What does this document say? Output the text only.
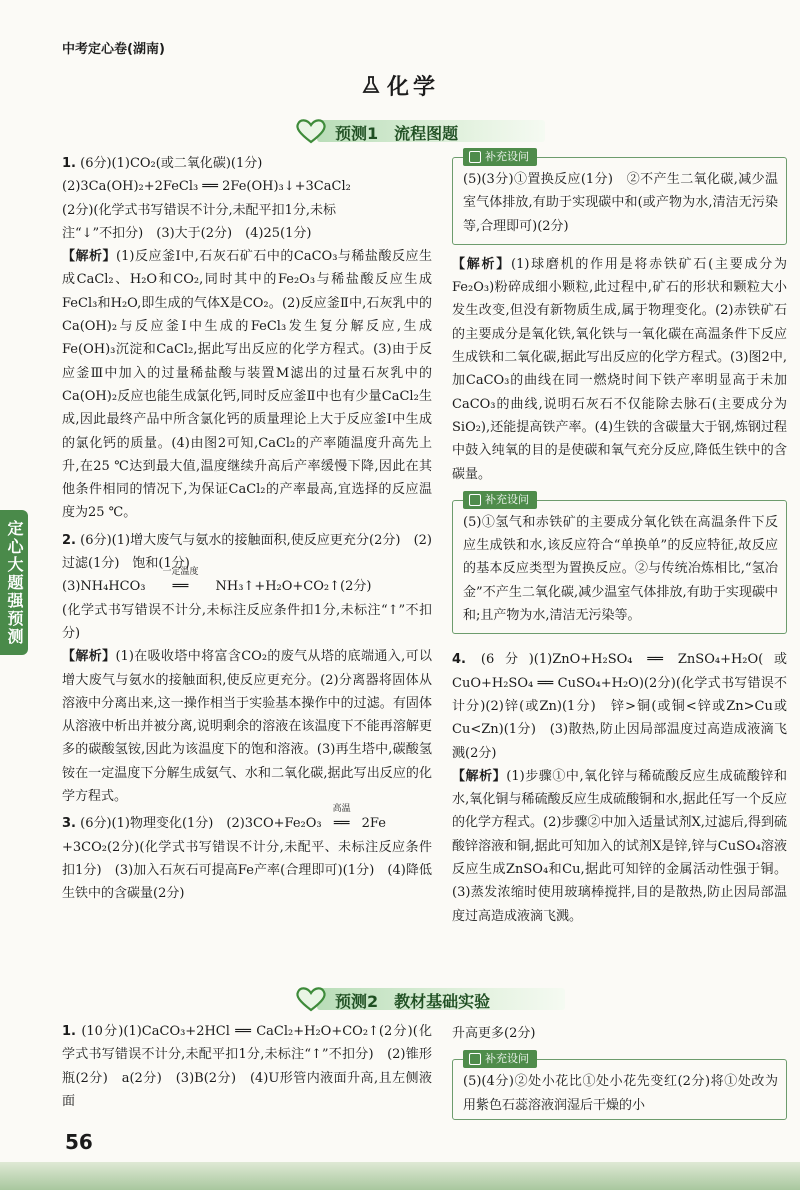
中考定心卷(湖南)
化学
预测1　流程图题
定心大题强预测

1. (6分)(1)CO₂(或二氧化碳)(1分)

(2)3Ca(OH)₂+2FeCl₃ ══ 2Fe(OH)₃↓+3CaCl₂

(2分)(化学式书写错误不计分,未配平扣1分,未标

注“↓”不扣分)　(3)大于(2分)　(4)25(1分)

【解析】(1)反应釜Ⅰ中,石灰石矿石中的CaCO₃与稀盐酸反应生成CaCl₂、H₂O和CO₂,同时其中的Fe₂O₃与稀盐酸反应生成FeCl₃和H₂O,即生成的气体X是CO₂。(2)反应釜Ⅱ中,石灰乳中的Ca(OH)₂与反应釜Ⅰ中生成的FeCl₃发生复分解反应,生成Fe(OH)₃沉淀和CaCl₂,据此写出反应的化学方程式。(3)由于反应釜Ⅲ中加入的过量稀盐酸与装置M滤出的过量石灰乳中的Ca(OH)₂反应也能生成氯化钙,同时反应釜Ⅱ中也有少量CaCl₂生成,因此最终产品中所含氯化钙的质量理论上大于反应釜Ⅰ中生成的氯化钙的质量。(4)由图2可知,CaCl₂的产率随温度升高先上升,在25 ℃达到最大值,温度继续升高后产率缓慢下降,因此在其他条件相同的情况下,为保证CaCl₂的产率最高,宜选择的反应温度为25 ℃。

2. (6分)(1)增大废气与氨水的接触面积,使反应更充分(2分)　(2)过滤(1分)　饱和(1分)

(3)NH₄HCO₃
一定温度
══ NH₃↑+H₂O+CO₂↑(2分)

(化学式书写错误不计分,未标注反应条件扣1分,未标注“↑”不扣分)

【解析】(1)在吸收塔中将富含CO₂的废气从塔的底端通入,可以增大废气与氨水的接触面积,使反应更充分。(2)分离器将固体从溶液中分离出来,这一操作相当于实验基本操作中的过滤。有固体从溶液中析出并被分离,说明剩余的溶液在该温度下不能再溶解更多的碳酸氢铵,因此为该温度下的饱和溶液。(3)再生塔中,碳酸氢铵在一定温度下分解生成氨气、水和二氧化碳,据此写出反应的化学方程式。

3. (6分)(1)物理变化(1分)　(2)3CO+Fe₂O₃
高温
══ 2Fe

+3CO₂(2分)(化学式书写错误不计分,未配平、未标注反应条件扣1分)　(3)加入石灰石可提高Fe产率(合理即可)(1分)　(4)降低生铁中的含碳量(2分)

补充设问

(5)(3分)①置换反应(1分)　②不产生二氧化碳,减少温室气体排放,有助于实现碳中和(或产物为水,清洁无污染等,合理即可)(2分)

【解析】(1)球磨机的作用是将赤铁矿石(主要成分为Fe₂O₃)粉碎成细小颗粒,此过程中,矿石的形状和颗粒大小发生改变,但没有新物质生成,属于物理变化。(2)赤铁矿石的主要成分是氧化铁,氧化铁与一氧化碳在高温条件下反应生成铁和二氧化碳,据此写出反应的化学方程式。(3)图2中,加CaCO₃的曲线在同一燃烧时间下铁产率明显高于未加CaCO₃的曲线,说明石灰石不仅能除去脉石(主要成分为SiO₂),还能提高铁产率。(4)生铁的含碳量大于钢,炼钢过程中鼓入纯氧的目的是使碳和氧气充分反应,降低生铁中的含碳量。

补充设问

(5)①氢气和赤铁矿的主要成分氧化铁在高温条件下反应生成铁和水,该反应符合“单换单”的反应特征,故反应的基本反应类型为置换反应。②与传统冶炼相比,“氢冶金”不产生二氧化碳,减少温室气体排放,有助于实现碳中和;且产物为水,清洁无污染等。

4. (6分)(1)ZnO+H₂SO₄ ══ ZnSO₄+H₂O(或CuO+H₂SO₄ ══ CuSO₄+H₂O)(2分)(化学式书写错误不计分)(2)锌(或Zn)(1分)　锌>铜(或铜<锌或Zn>Cu或Cu<Zn)(1分)　(3)散热,防止因局部温度过高造成液滴飞溅(2分)

【解析】(1)步骤①中,氧化锌与稀硫酸反应生成硫酸锌和水,氧化铜与稀硫酸反应生成硫酸铜和水,据此任写一个反应的化学方程式。(2)步骤②中加入适量试剂X,过滤后,得到硫酸锌溶液和铜,据此可知加入的试剂X是锌,锌与CuSO₄溶液反应生成ZnSO₄和Cu,据此可知锌的金属活动性强于铜。(3)蒸发浓缩时使用玻璃棒搅拌,目的是散热,防止因局部温度过高造成液滴飞溅。

预测2　教材基础实验

1. (10分)(1)CaCO₃+2HCl ══ CaCl₂+H₂O+CO₂↑(2分)(化学式书写错误不计分,未配平扣1分,未标注“↑”不扣分)　(2)锥形瓶(2分)　a(2分)　(3)B(2分)　(4)U形管内液面升高,且左侧液面

升高更多(2分)

补充设问

(5)(4分)②处小花比①处小花先变红(2分)将①处改为用紫色石蕊溶液润湿后干燥的小

56
